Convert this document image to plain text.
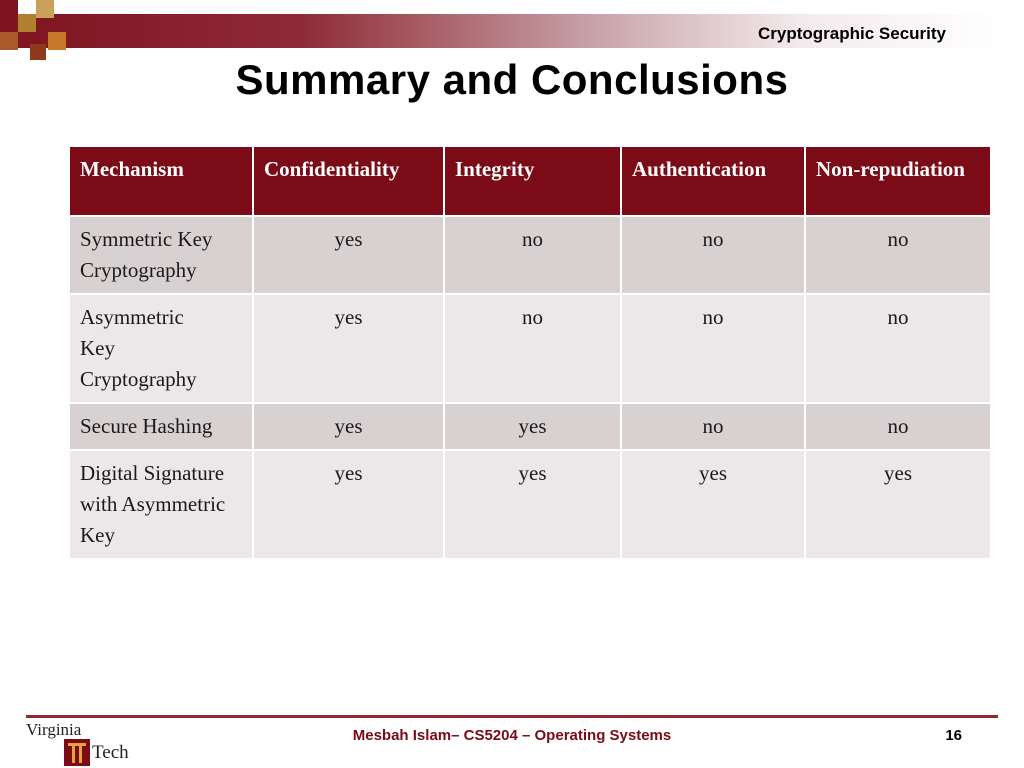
Cryptographic Security
Summary and Conclusions
Mechanism	Confidentiality	Integrity	Authentication	Non-repudiation
Symmetric Key Cryptography	yes	no	no	no
Asymmetric Key Cryptography	yes	no	no	no
Secure Hashing	yes	yes	no	no
Digital Signature with Asymmetric Key	yes	yes	yes	yes
Virginia
Tech
Mesbah Islam– CS5204 – Operating Systems	16
